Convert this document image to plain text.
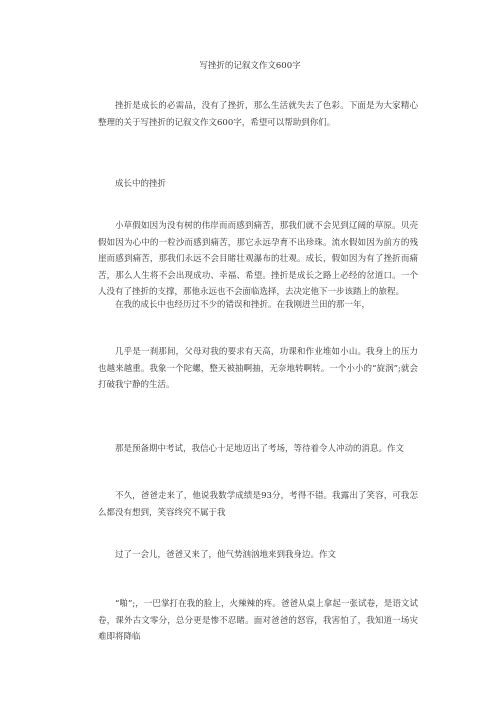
写挫折的记叙文作文600字
挫折是成长的必需品，没有了挫折，那么生活就失去了色彩。下面是为大家精心整理的关于写挫折的记叙文作文600字，希望可以帮助到你们。
成长中的挫折
小草假如因为没有树的伟岸而而感到痛苦，那我们就不会见到辽阔的草原。贝壳假如因为心中的一粒沙而感到痛苦，那它永远孕育不出珍珠。流水假如因为前方的残崖而感到痛苦，那我们永远不会目睹壮观瀑布的壮观。成长，假如因为有了挫折而痛苦，那么人生将不会出现成功、幸福、希望。挫折是成长之路上必经的岔道口。一个人没有了挫折的支撑，那他永远也不会面临选择，去决定他下一步该踏上的旅程。
在我的成长中也经历过不少的错误和挫折。在我刚进兰田的那一年，
几乎是一刹那间，父母对我的要求有天高，功课和作业堆如小山。我身上的压力也越来越重。我象一个陀螺，整天被抽啊抽，无奈地转啊转。一个小小的“旋涡”;就会打破我宁静的生活。
那是预备期中考试，我信心十足地迈出了考场，等待着令人冲动的消息。作文
不久，爸爸走来了，他说我数学成绩是93分，考得不错。我露出了笑容，可我怎么都没有想到，笑容终究不属于我
过了一会儿，爸爸又来了，他气势汹汹地来到我身边。作文
“啪”;，一巴掌打在我的脸上，火辣辣的疼。爸爸从桌上拿起一张试卷，是语文试卷，课外古文零分，总分更是惨不忍睹。面对爸爸的怒容，我害怕了，我知道一场灾难即将降临
